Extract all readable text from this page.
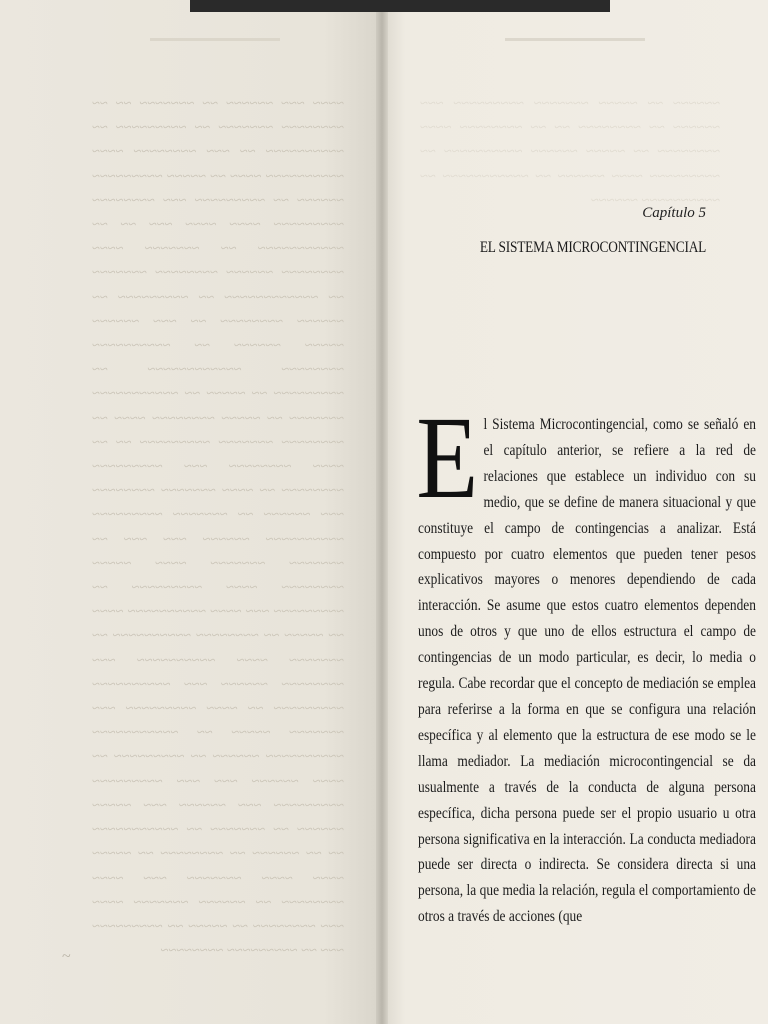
~~~~ ~~~ ~~~~~~ ~~ ~~~~~~~ ~~ ~~ ~~~~~~~~ ~~~~~~~ ~~ ~~~~~~~~~ ~~ ~~~~~~~~~~ ~~ ~~~ ~~~~~~~~ ~~~~ ~~~~~~~~~~ ~~~~ ~~ ~~~~~ ~~~~~~~~~ ~~~~~~ ~~ ~~~~~~~~~ ~~~ ~~~~~~~~ ~~~~~~~~~ ~~~~ ~~~~ ~~~ ~~ ~~ ~~~~~~~~~~~ ~~ ~~~~~~~ ~~~~ ~~~~~~~~ ~~~~~~ ~~~~~~~~ ~~~~~~~ ~~ ~~~~~~~~~~~~ ~~ ~~~~~~~~~ ~~ ~~~~~~ ~~~~~~~~ ~~ ~~~ ~~~~~~ ~~~~~ ~~~~~~ ~~ ~~~~~~~~~~ ~~~~~~~~ ~~~~~~~~~~~~ ~~ ~~~~~~~~~ ~~ ~~~~~ ~~ ~~~~~~~~~~~ ~~~~~~~ ~~ ~~~~~ ~~~~~~~~ ~~~~ ~~ ~~~~~~~~ ~~~~~~~ ~~~~~~~~~ ~~ ~~ ~~~~ ~~~~~~~~ ~~~ ~~~~~~~~~ ~~~~~~~~ ~~ ~~~~ ~~~~~~~ ~~~~~~~~ ~~~ ~~~~~~ ~~ ~~~~~~~ ~~~~~~~~~ ~~~~~~~~~~ ~~~~~~ ~~~ ~~~ ~~ ~~~~~~~ ~~~~~~~ ~~~~ ~~~~~ ~~~~~~~~ ~~~~ ~~~~~~~~~ ~~ ~~~~~~~~~ ~~~ ~~~~ ~~~~~~~~~~ ~~~~ ~~ ~~~~~ ~~ ~~~~~~~~ ~~~~~~~~~~ ~~ ~~~~~~~ ~~~~ ~~~~~~~~~~ ~~~ ~~~~~~~~ ~~~~~~ ~~~ ~~~~~~~~~~ ~~~~~~~~~ ~~ ~~~~ ~~~~~~~~~ ~~~ ~~~~~~~ ~~~~~ ~~ ~~~~~~~~~~~ ~~~~~~~~~~ ~~~~~~ ~~ ~~~~~~~~~ ~~ ~~~~ ~~~~~~ ~~~ ~~~ ~~~~~~~~~ ~~~~~~~~~ ~~~ ~~~~~~ ~~~ ~~~~~ ~~~~~~ ~~ ~~~~~~~ ~~ ~~~~~~~~~~~ ~~ ~~ ~~~~~~ ~~ ~~~~~~~~ ~~ ~~~~~ ~~~~ ~~~~ ~~~~~~~ ~~~ ~~~~ ~~~~~~~~ ~~ ~~~~~~ ~~~~~~~ ~~~~ ~~~ ~~~~~~~~ ~~ ~~~~~ ~~ ~~~~~~~~~ ~~~ ~~ ~~~~~~~~~ ~~~~~~~~
~~~~~~ ~~ ~~~~~ ~~~~~~~ ~~~~~~~~~ ~~~ ~~~~~~ ~~ ~~~~~~~~ ~~ ~~ ~~~~~~~~ ~~~~ ~~~~~~~~ ~~ ~~~~~ ~~~~~~ ~~~~~~~~~~ ~~ ~~~~~~~~~ ~~~~ ~~~~~~ ~~ ~~~~~~~~~~~ ~~ ~~~~~~~~~~ ~~~~~~
~
Capítulo 5
EL SISTEMA MICROCONTINGENCIAL
El Sistema Microcontingencial, como se señaló en el capítulo anterior, se refiere a la red de relaciones que establece un individuo con su medio, que se define de manera situacional y que constituye el campo de contingencias a analizar. Está compuesto por cuatro elementos que pueden tener pesos explicativos mayores o menores dependiendo de cada interacción. Se asume que estos cuatro elementos dependen unos de otros y que uno de ellos estructura el campo de contingencias de un modo particular, es decir, lo media o regula. Cabe recordar que el concepto de mediación se emplea para referirse a la forma en que se configura una relación específica y al elemento que la estructura de ese modo se le llama mediador. La mediación microcontingencial se da usualmente a través de la conducta de alguna persona específica, dicha persona puede ser el propio usuario u otra persona significativa en la interacción. La conducta mediadora puede ser directa o indirecta. Se considera directa si una persona, la que media la relación, regula el comportamiento de otros a través de acciones (que
